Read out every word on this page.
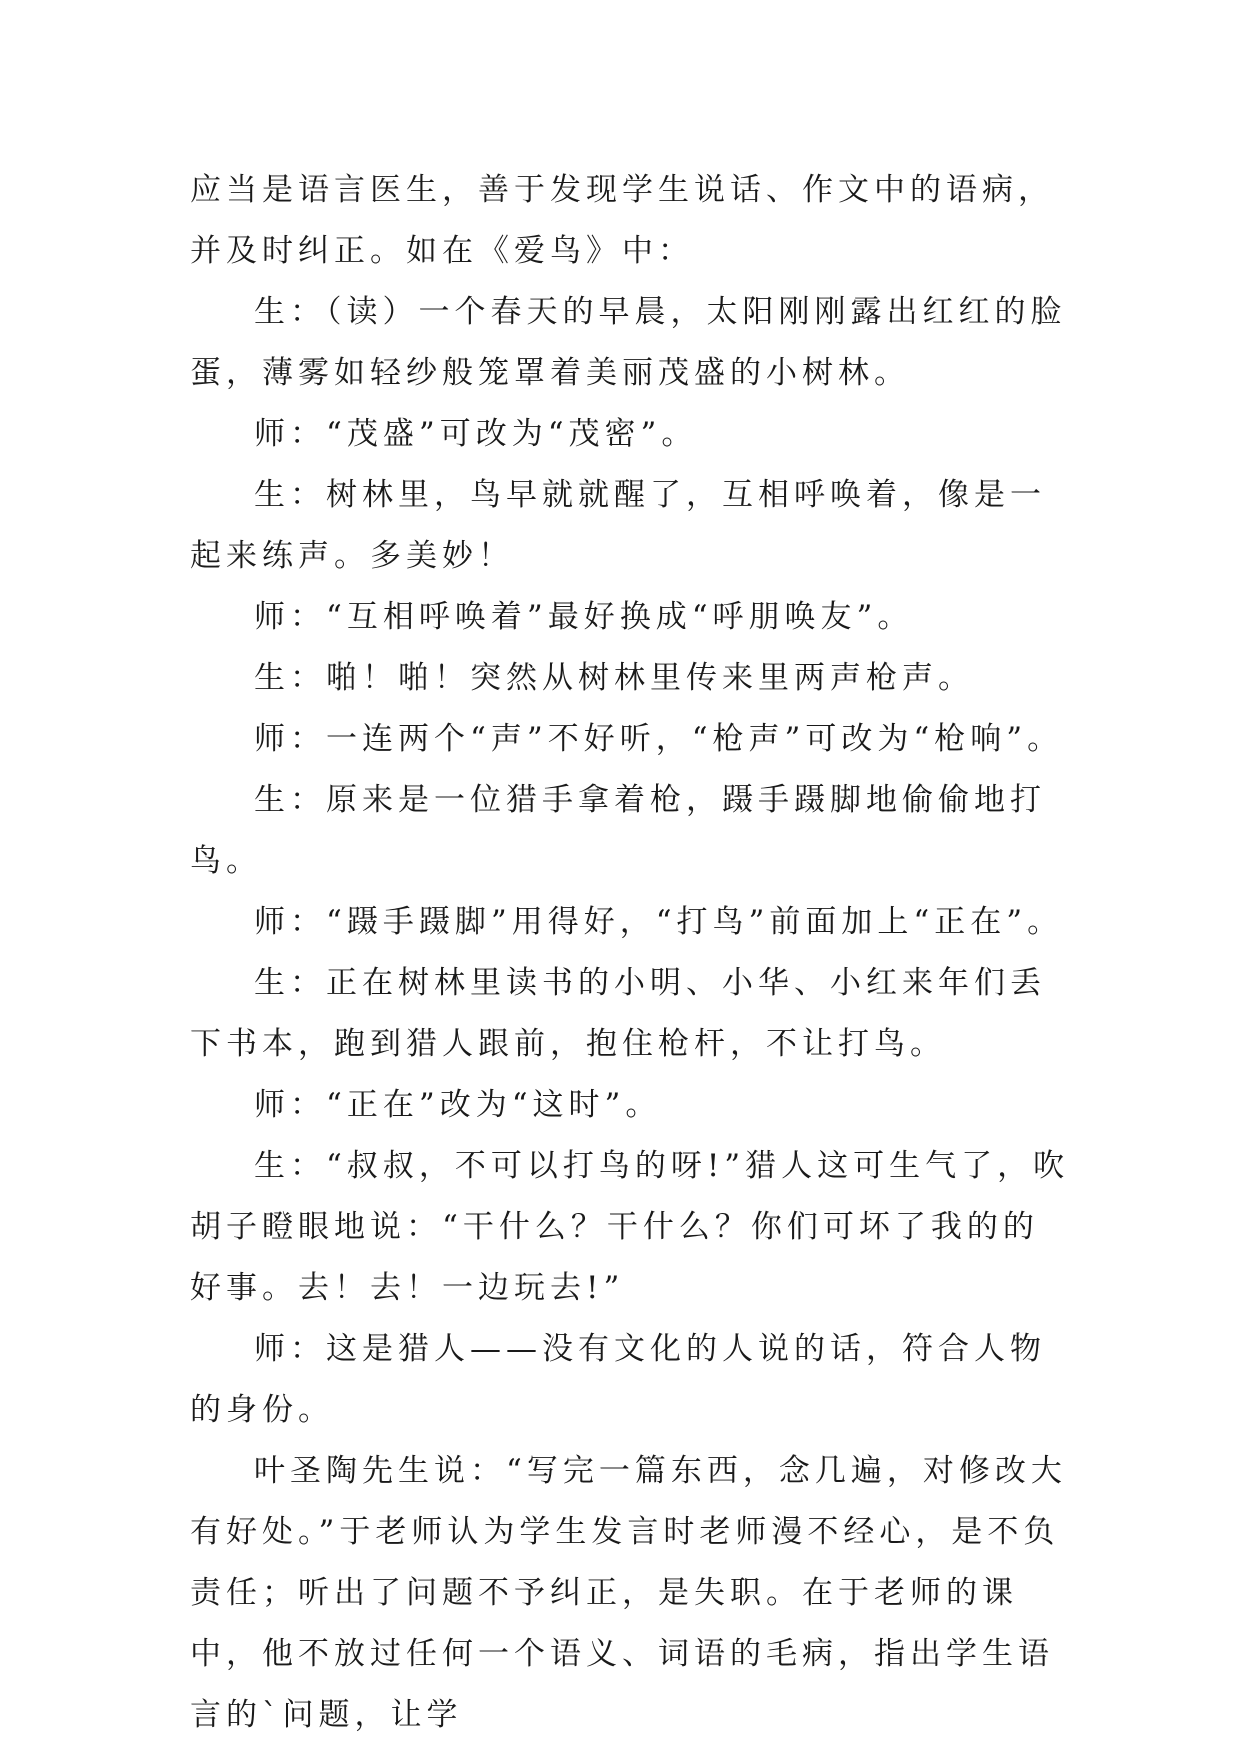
应当是语言医生，善于发现学生说话、作文中的语病，并及时纠正。如在《爱鸟》中：

生：（读）一个春天的早晨，太阳刚刚露出红红的脸蛋，薄雾如轻纱般笼罩着美丽茂盛的小树林。

师：“茂盛”可改为“茂密”。

生：树林里，鸟早就就醒了，互相呼唤着，像是一起来练声。多美妙！

师：“互相呼唤着”最好换成“呼朋唤友”。

生：啪！啪！突然从树林里传来里两声枪声。

师：一连两个“声”不好听，“枪声”可改为“枪响”。

生：原来是一位猎手拿着枪，蹑手蹑脚地偷偷地打鸟。

师：“蹑手蹑脚”用得好，“打鸟”前面加上“正在”。

生：正在树林里读书的小明、小华、小红来年们丢下书本，跑到猎人跟前，抱住枪杆，不让打鸟。

师：“正在”改为“这时”。

生：“叔叔，不可以打鸟的呀!”猎人这可生气了，吹胡子瞪眼地说：“干什么？干什么？你们可坏了我的的好事。去！去！一边玩去!”

师：这是猎人——没有文化的人说的话，符合人物的身份。

叶圣陶先生说：“写完一篇东西，念几遍，对修改大有好处。”于老师认为学生发言时老师漫不经心，是不负责任；听出了问题不予纠正，是失职。在于老师的课中，他不放过任何一个语义、词语的毛病，指出学生语言的`问题，让学
